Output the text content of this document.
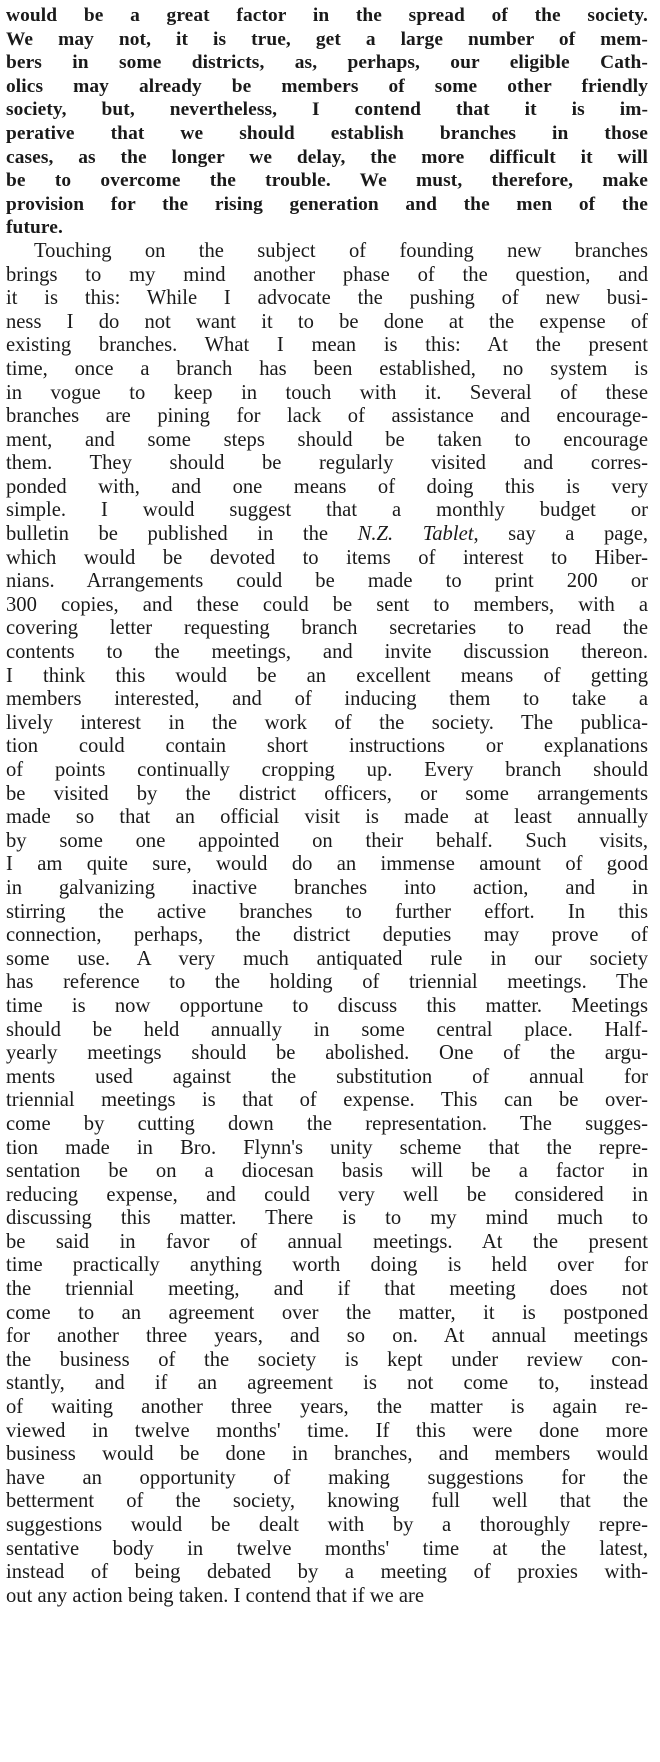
would be a great factor in the spread of the society.
We may not, it is true, get a large number of mem-
bers in some districts, as, perhaps, our eligible Cath-
olics may already be members of some other friendly
society, but, nevertheless, I contend that it is im-
perative that we should establish branches in those
cases, as the longer we delay, the more difficult it will
be to overcome the trouble. We must, therefore, make
provision for the rising generation and the men of the
future.
Touching on the subject of founding new branches
brings to my mind another phase of the question, and
it is this: While I advocate the pushing of new busi-
ness I do not want it to be done at the expense of
existing branches. What I mean is this: At the present
time, once a branch has been established, no system is
in vogue to keep in touch with it. Several of these
branches are pining for lack of assistance and encourage-
ment, and some steps should be taken to encourage
them. They should be regularly visited and corres-
ponded with, and one means of doing this is very
simple. I would suggest that a monthly budget or
bulletin be published in the N.Z. Tablet, say a page,
which would be devoted to items of interest to Hiber-
nians. Arrangements could be made to print 200 or
300 copies, and these could be sent to members, with a
covering letter requesting branch secretaries to read the
contents to the meetings, and invite discussion thereon.
I think this would be an excellent means of getting
members interested, and of inducing them to take a
lively interest in the work of the society. The publica-
tion could contain short instructions or explanations
of points continually cropping up. Every branch should
be visited by the district officers, or some arrangements
made so that an official visit is made at least annually
by some one appointed on their behalf. Such visits,
I am quite sure, would do an immense amount of good
in galvanizing inactive branches into action, and in
stirring the active branches to further effort. In this
connection, perhaps, the district deputies may prove of
some use. A very much antiquated rule in our society
has reference to the holding of triennial meetings. The
time is now opportune to discuss this matter. Meetings
should be held annually in some central place. Half-
yearly meetings should be abolished. One of the argu-
ments used against the substitution of annual for
triennial meetings is that of expense. This can be over-
come by cutting down the representation. The sugges-
tion made in Bro. Flynn's unity scheme that the repre-
sentation be on a diocesan basis will be a factor in
reducing expense, and could very well be considered in
discussing this matter. There is to my mind much to
be said in favor of annual meetings. At the present
time practically anything worth doing is held over for
the triennial meeting, and if that meeting does not
come to an agreement over the matter, it is postponed
for another three years, and so on. At annual meetings
the business of the society is kept under review con-
stantly, and if an agreement is not come to, instead
of waiting another three years, the matter is again re-
viewed in twelve months' time. If this were done more
business would be done in branches, and members would
have an opportunity of making suggestions for the
betterment of the society, knowing full well that the
suggestions would be dealt with by a thoroughly repre-
sentative body in twelve months' time at the latest,
instead of being debated by a meeting of proxies with-
out any action being taken. I contend that if we are
